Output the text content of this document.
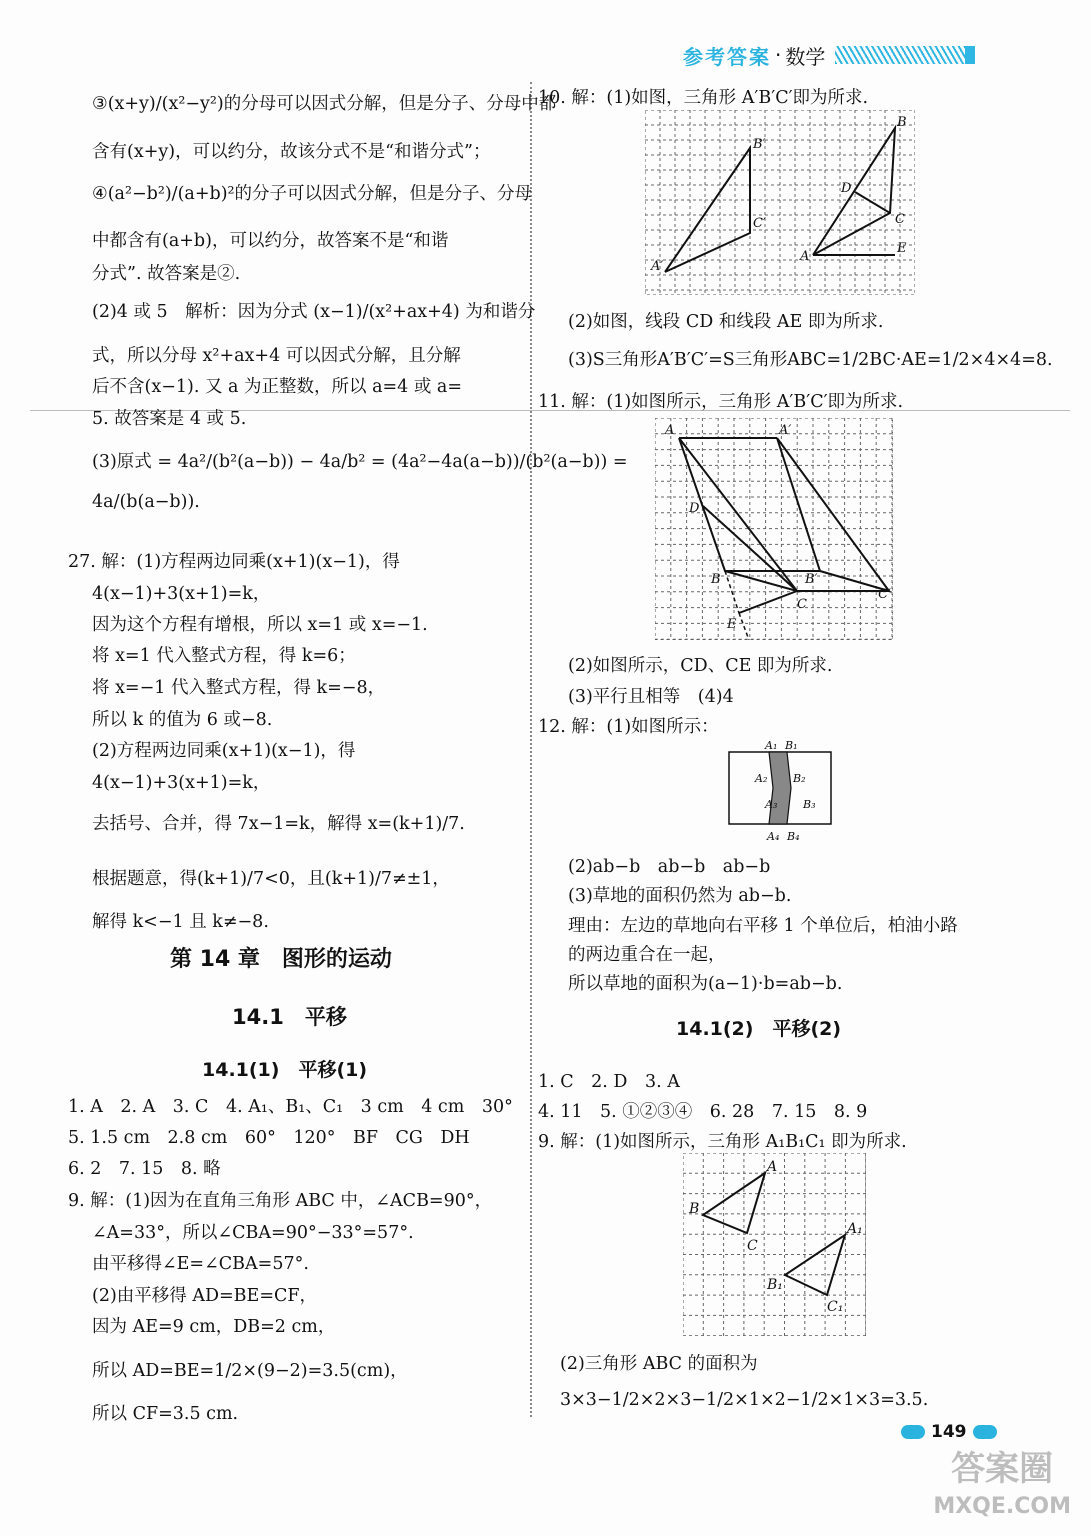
参考答案 · 数学
③(x+y)/(x²−y²)的分母可以因式分解，但是分子、分母中都
含有(x+y)，可以约分，故该分式不是“和谐分式”；
④(a²−b²)/(a+b)²的分子可以因式分解，但是分子、分母
中都含有(a+b)，可以约分，故答案不是“和谐
分式”. 故答案是②.
(2)4 或 5　解析：因为分式 (x−1)/(x²+ax+4) 为和谐分
式，所以分母 x²+ax+4 可以因式分解，且分解
后不含(x−1). 又 a 为正整数，所以 a=4 或 a=
5. 故答案是 4 或 5.
(3)原式 = 4a²/(b²(a−b)) − 4a/b² = (4a²−4a(a−b))/(b²(a−b)) =
4a/(b(a−b)).
27. 解：(1)方程两边同乘(x+1)(x−1)，得
4(x−1)+3(x+1)=k，
因为这个方程有增根，所以 x=1 或 x=−1.
将 x=1 代入整式方程，得 k=6；
将 x=−1 代入整式方程，得 k=−8，
所以 k 的值为 6 或−8.
(2)方程两边同乘(x+1)(x−1)，得
4(x−1)+3(x+1)=k，
去括号、合并，得 7x−1=k，解得 x=(k+1)/7.
根据题意，得(k+1)/7<0，且(k+1)/7≠±1，
解得 k<−1 且 k≠−8.
1. A　2. A　3. C　4. A₁、B₁、C₁　3 cm　4 cm　30°
5. 1.5 cm　2.8 cm　60°　120°　BF　CG　DH
6. 2　7. 15　8. 略
9. 解：(1)因为在直角三角形 ABC 中，∠ACB=90°，
∠A=33°，所以∠CBA=90°−33°=57°.
由平移得∠E=∠CBA=57°.
(2)由平移得 AD=BE=CF，
因为 AE=9 cm，DB=2 cm，
所以 AD=BE=1/2×(9−2)=3.5(cm)，
所以 CF=3.5 cm.
10. 解：(1)如图，三角形 A′B′C′即为所求.
(2)如图，线段 CD 和线段 AE 即为所求.
(3)S三角形A′B′C′=S三角形ABC=1/2BC·AE=1/2×4×4=8.
11. 解：(1)如图所示，三角形 A′B′C′即为所求.
(2)如图所示，CD、CE 即为所求.
(3)平行且相等　(4)4
12. 解：(1)如图所示：
(2)ab−b　ab−b　ab−b
(3)草地的面积仍然为 ab−b.
理由：左边的草地向右平移 1 个单位后，柏油小路
的两边重合在一起，
所以草地的面积为(a−1)·b=ab−b.
1. C　2. D　3. A
4. 11　5. ①②③④　6. 28　7. 15　8. 9
9. 解：(1)如图所示，三角形 A₁B₁C₁ 即为所求.
(2)三角形 ABC 的面积为
3×3−1/2×2×3−1/2×1×2−1/2×1×3=3.5.
第 14 章　图形的运动
14.1　平移
14.1(1)　平移(1)
14.1(2)　平移(2)
A′
B′
C′
A
B
C
D
E
A	A′
D
B	B′
C
C′
E
A₁ B₁
A₂ B₂
A₃ B₃
A₄ B₄
A
B
C
A₁
B₁
C₁
149
答案圈
MXQE.COM
